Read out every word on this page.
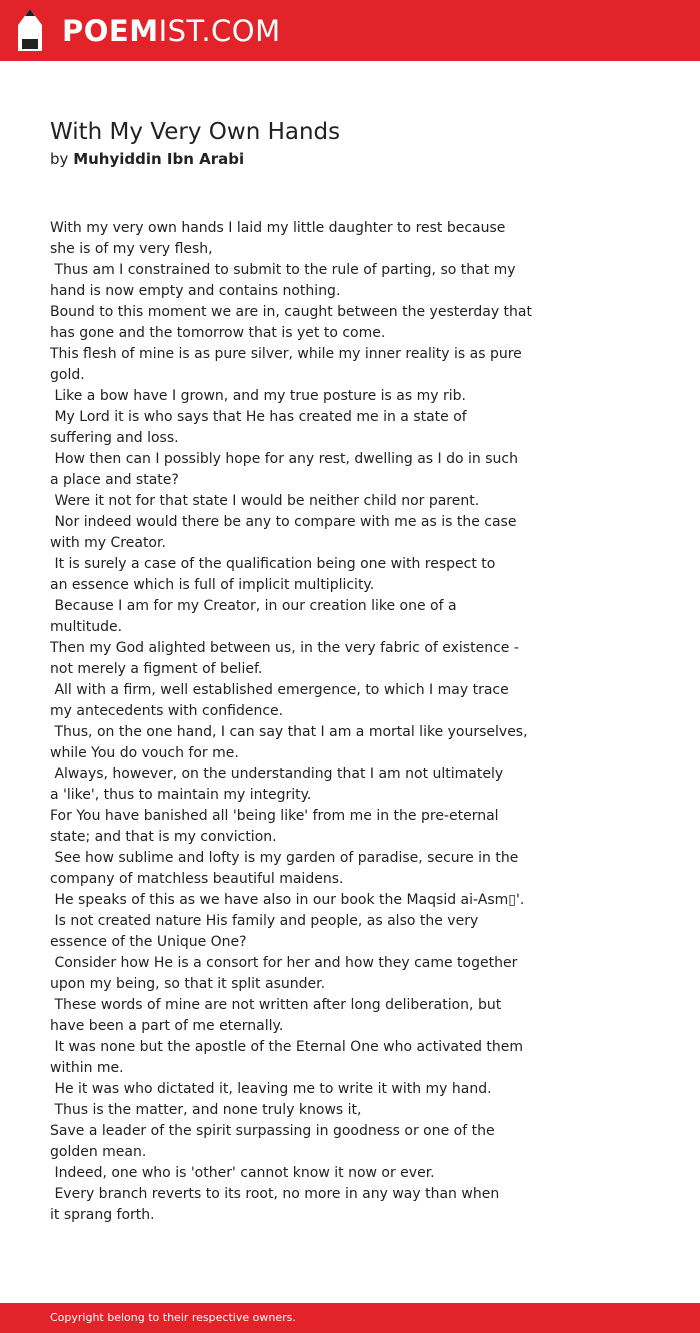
POEMIST.COM
With My Very Own Hands
by Muhyiddin Ibn Arabi
With my very own hands I laid my little daughter to rest because
she is of my very flesh,
Thus am I constrained to submit to the rule of parting, so that my
hand is now empty and contains nothing.
Bound to this moment we are in, caught between the yesterday that
has gone and the tomorrow that is yet to come.
This flesh of mine is as pure silver, while my inner reality is as pure
gold.
Like a bow have I grown, and my true posture is as my rib.
My Lord it is who says that He has created me in a state of
suffering and loss.
How then can I possibly hope for any rest, dwelling as I do in such
a place and state?
Were it not for that state I would be neither child nor parent.
Nor indeed would there be any to compare with me as is the case
with my Creator.
It is surely a case of the qualification being one with respect to
an essence which is full of implicit multiplicity.
Because I am for my Creator, in our creation like one of a
multitude.
Then my God alighted between us, in the very fabric of existence -
not merely a figment of belief.
All with a firm, well established emergence, to which I may trace
my antecedents with confidence.
Thus, on the one hand, I can say that I am a mortal like yourselves,
while You do vouch for me.
Always, however, on the understanding that I am not ultimately
a 'like', thus to maintain my integrity.
For You have banished all 'being like' from me in the pre-eternal
state; and that is my conviction.
See how sublime and lofty is my garden of paradise, secure in the
company of matchless beautiful maidens.
He speaks of this as we have also in our book the Maqsid ai-Asm▯'.
Is not created nature His family and people, as also the very
essence of the Unique One?
Consider how He is a consort for her and how they came together
upon my being, so that it split asunder.
These words of mine are not written after long deliberation, but
have been a part of me eternally.
It was none but the apostle of the Eternal One who activated them
within me.
He it was who dictated it, leaving me to write it with my hand.
Thus is the matter, and none truly knows it,
Save a leader of the spirit surpassing in goodness or one of the
golden mean.
Indeed, one who is 'other' cannot know it now or ever.
Every branch reverts to its root, no more in any way than when
it sprang forth.
Copyright belong to their respective owners.
